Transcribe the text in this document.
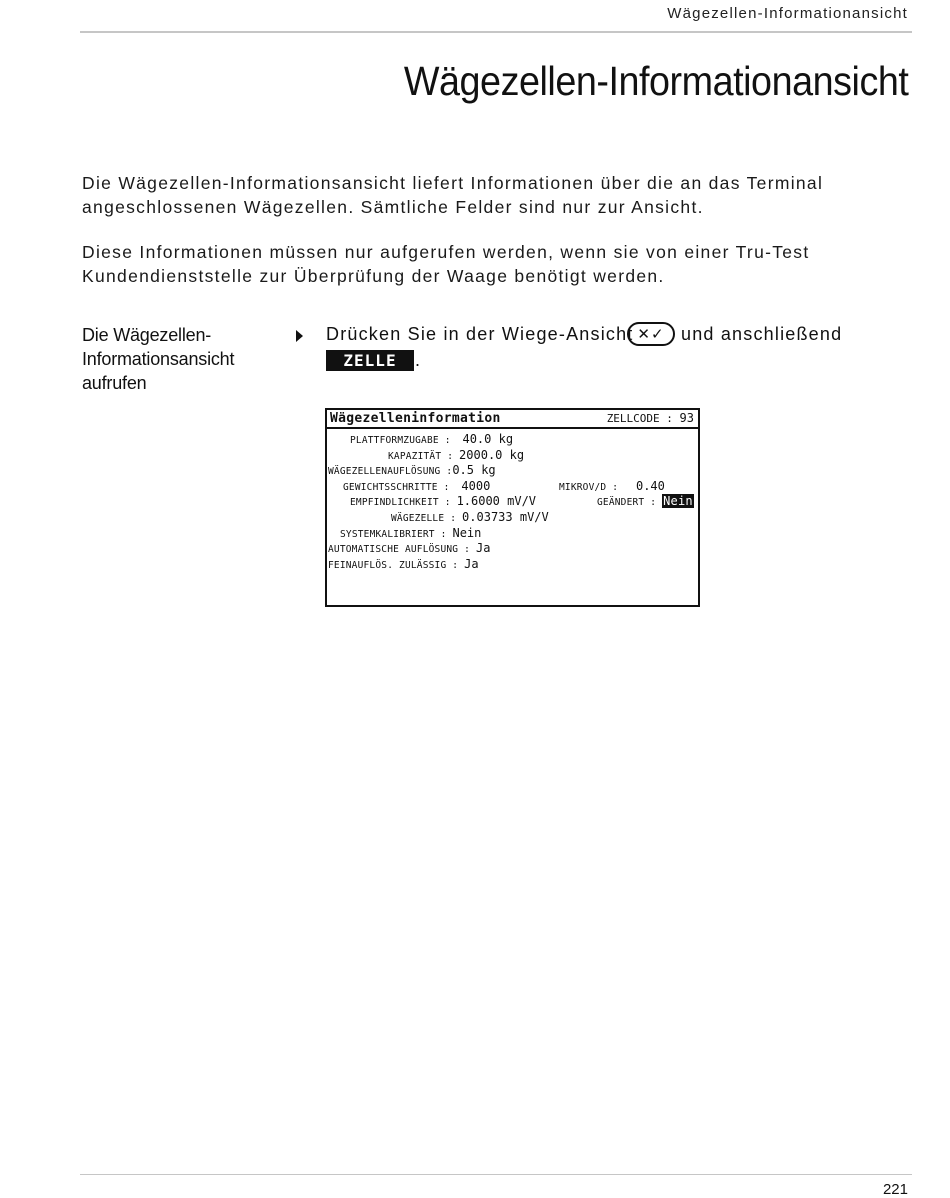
Wägezellen-Informationansicht
Wägezellen-Informationansicht

Die Wägezellen-Informationsansicht liefert Informationen über die an das Terminal angeschlossenen Wägezellen. Sämtliche Felder sind nur zur Ansicht.

Diese Informationen müssen nur aufgerufen werden, wenn sie von einer Tru-Test Kundendienststelle zur Überprüfung der Waage benötigt werden.

Die Wägezellen-
Informationsansicht
aufrufen
Drücken Sie in der Wiege-Ansicht ✕✓ und anschließend
ZELLE	.
Wägezelleninformation	ZELLCODE : 93
PLATTFORMZUGABE : 40.0 kg
KAPAZITÄT : 2000.0 kg
WÄGEZELLENAUFLÖSUNG :0.5 kg
GEWICHTSSCHRITTE : 4000	MIKROV/D : 0.40
EMPFINDLICHKEIT : 1.6000 mV/V	GEÄNDERT : Nein
WÄGEZELLE : 0.03733 mV/V
SYSTEMKALIBRIERT : Nein
AUTOMATISCHE AUFLÖSUNG : Ja
FEINAUFLÖS. ZULÄSSIG : Ja
221
